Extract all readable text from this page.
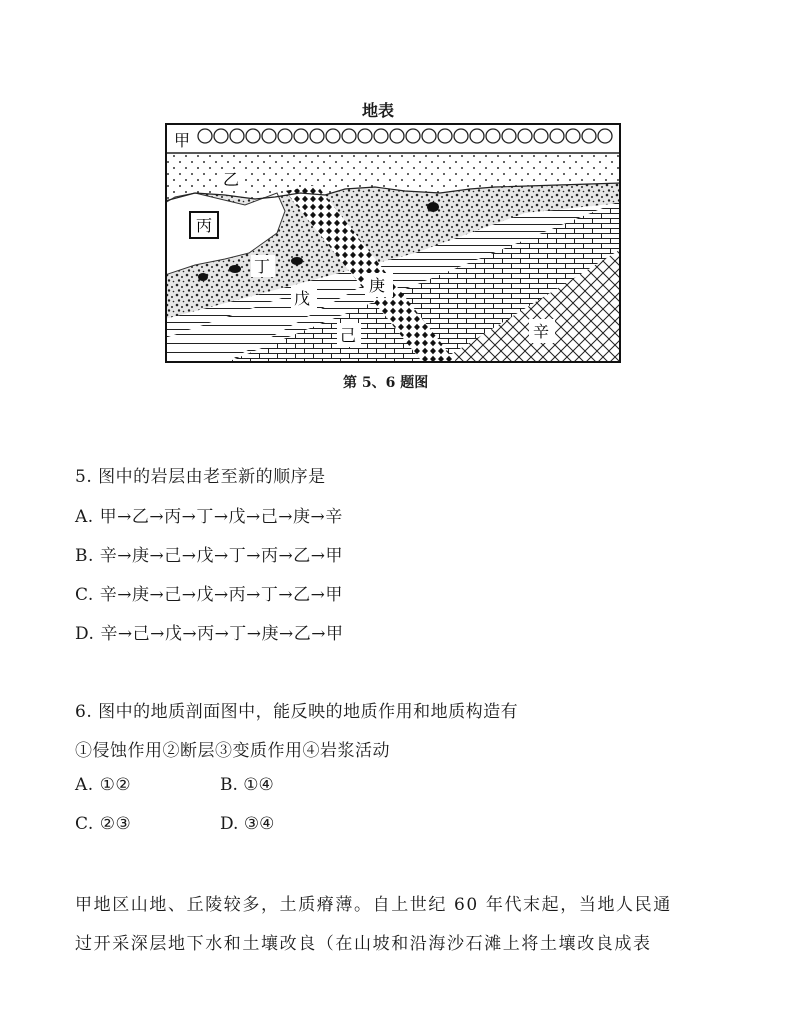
地表
甲
乙
丙
丁
戊
庚
己	辛
第 5、6 题图
5. 图中的岩层由老至新的顺序是
A. 甲→乙→丙→丁→戊→己→庚→辛
B. 辛→庚→己→戊→丁→丙→乙→甲
C. 辛→庚→己→戊→丙→丁→乙→甲
D. 辛→己→戊→丙→丁→庚→乙→甲
6. 图中的地质剖面图中，能反映的地质作用和地质构造有
①侵蚀作用②断层③变质作用④岩浆活动
A. ①②	B. ①④
C. ②③	D. ③④
甲地区山地、丘陵较多，土质瘠薄。自上世纪 60 年代末起，当地人民通
过开采深层地下水和土壤改良（在山坡和沿海沙石滩上将土壤改良成表
